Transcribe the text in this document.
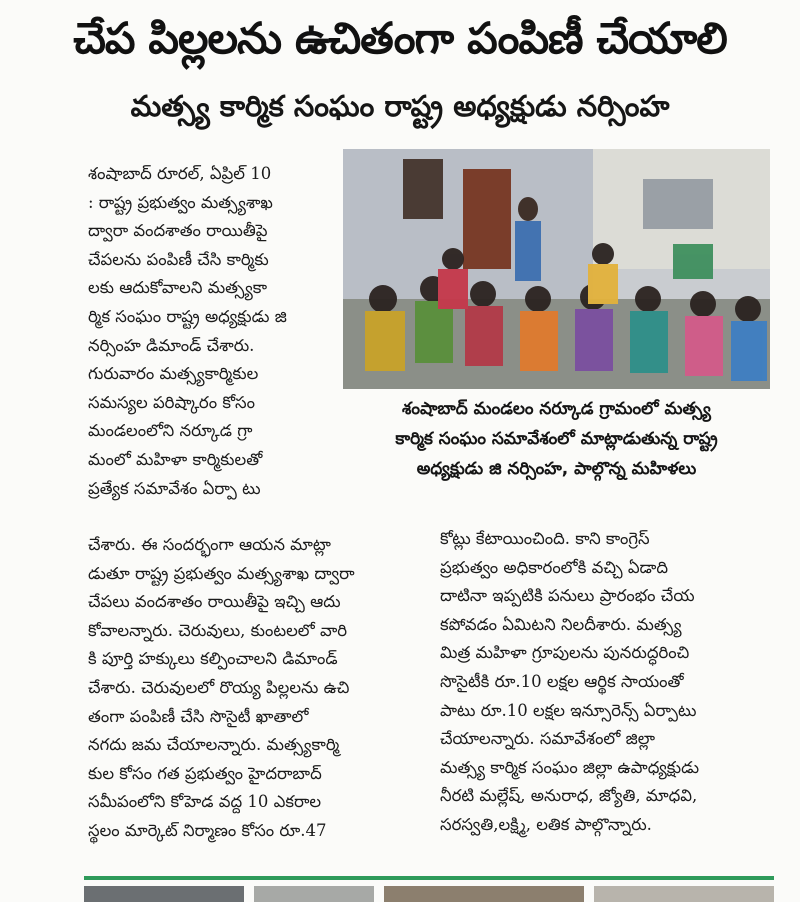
చేప పిల్లలను ఉచితంగా పంపిణీ చేయాలి
మత్స్య కార్మిక సంఘం రాష్ట్ర అధ్యక్షుడు నర్సింహ
శంషాబాద్ రూరల్, ఏప్రిల్ 10
: రాష్ట్ర ప్రభుత్వం మత్స్యశాఖ
ద్వారా వందశాతం రాయితీపై
చేపలను పంపిణీ చేసి కార్మికు
లకు ఆదుకోవాలని మత్స్యకా
ర్మిక సంఘం రాష్ట్ర అధ్యక్షుడు జి
నర్సింహ డిమాండ్ చేశారు.
గురువారం మత్స్యకార్మికుల
సమస్యల పరిష్కారం కోసం
మండలంలోని నర్కూడ గ్రా
మంలో మహిళా కార్మికులతో
ప్రత్యేక సమావేశం ఏర్పా టు
శంషాబాద్ మండలం నర్కూడ గ్రామంలో మత్స్య
కార్మిక సంఘం సమావేశంలో మాట్లాడుతున్న రాష్ట్ర
అధ్యక్షుడు జి నర్సింహ, పాల్గొన్న మహిళలు
చేశారు. ఈ సందర్భంగా ఆయన మాట్లా
డుతూ రాష్ట్ర ప్రభుత్వం మత్స్యశాఖ ద్వారా
చేపలు వందశాతం రాయితీపై ఇచ్చి ఆదు
కోవాలన్నారు. చెరువులు, కుంటలలో వారి
కి పూర్తి హక్కులు కల్పించాలని డిమాండ్
చేశారు. చెరువులలో రొయ్య పిల్లలను ఉచి
తంగా పంపిణీ చేసి సొసైటీ ఖాతాలో
నగదు జమ చేయాలన్నారు. మత్స్యకార్మి
కుల కోసం గత ప్రభుత్వం హైదరాబాద్
సమీపంలోని కోహెడ వద్ద 10 ఎకరాల
స్థలం మార్కెట్ నిర్మాణం కోసం రూ.47
కోట్లు కేటాయించింది. కాని కాంగ్రెస్
ప్రభుత్వం అధికారంలోకి వచ్చి ఏడాది
దాటినా ఇప్పటికి పనులు ప్రారంభం చేయ
కపోవడం ఏమిటని నిలదీశారు. మత్స్య
మిత్ర మహిళా గ్రూపులను పునరుద్ధరించి
సొసైటీకి రూ.10 లక్షల ఆర్థిక సాయంతో
పాటు రూ.10 లక్షల ఇన్సూరెన్స్ ఏర్పాటు
చేయాలన్నారు. సమావేశంలో జిల్లా
మత్స్య కార్మిక సంఘం జిల్లా ఉపాధ్యక్షుడు
నీరటి మల్లేష్, అనురాధ, జ్యోతి, మాధవి,
సరస్వతి,లక్ష్మి, లతిక పాల్గొన్నారు.
